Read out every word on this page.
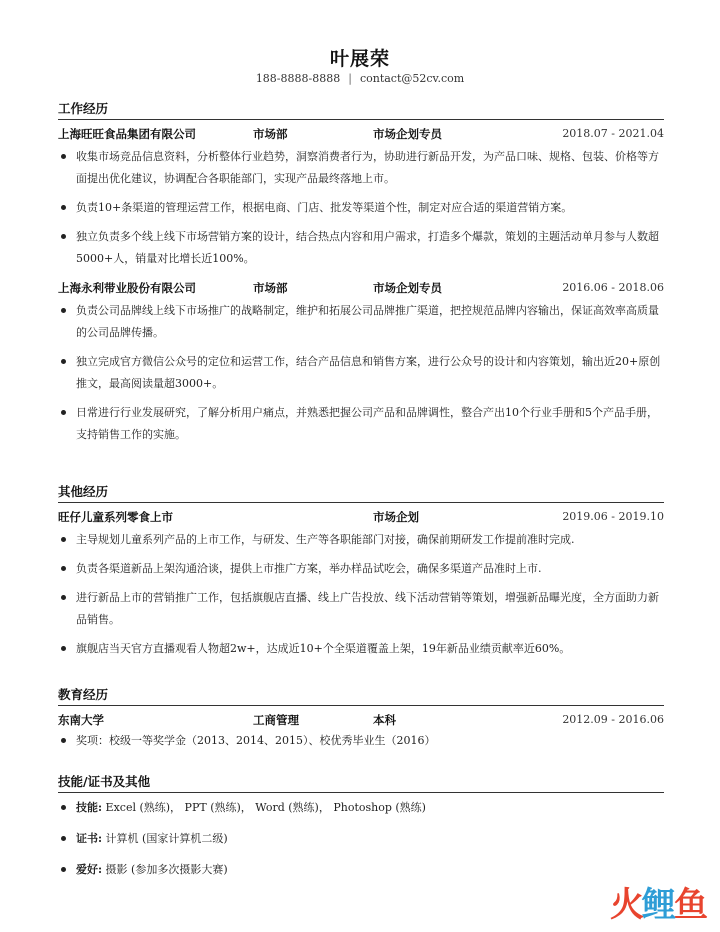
叶展荣
188-8888-8888 | contact@52cv.com
工作经历
上海旺旺食品集团有限公司	市场部	市场企划专员	2018.07 - 2021.04
收集市场竞品信息资料，分析整体行业趋势，洞察消费者行为，协助进行新品开发，为产品口味、规格、包装、价格等方面提出优化建议，协调配合各职能部门，实现产品最终落地上市。
负责10+条渠道的管理运营工作，根据电商、门店、批发等渠道个性，制定对应合适的渠道营销方案。
独立负责多个线上线下市场营销方案的设计，结合热点内容和用户需求，打造多个爆款，策划的主题活动单月参与人数超5000+人，销量对比增长近100%。
上海永利带业股份有限公司	市场部	市场企划专员	2016.06 - 2018.06
负责公司品牌线上线下市场推广的战略制定，维护和拓展公司品牌推广渠道，把控规范品牌内容输出，保证高效率高质量的公司品牌传播。
独立完成官方微信公众号的定位和运营工作，结合产品信息和销售方案，进行公众号的设计和内容策划，输出近20+原创推文，最高阅读量超3000+。
日常进行行业发展研究，了解分析用户痛点，并熟悉把握公司产品和品牌调性，整合产出10个行业手册和5个产品手册，支持销售工作的实施。
其他经历
旺仔儿童系列零食上市	市场企划	2019.06 - 2019.10
主导规划儿童系列产品的上市工作，与研发、生产等各职能部门对接，确保前期研发工作提前准时完成.
负责各渠道新品上架沟通洽谈，提供上市推广方案，举办样品试吃会，确保多渠道产品准时上市.
进行新品上市的营销推广工作，包括旗舰店直播、线上广告投放、线下活动营销等策划，增强新品曝光度，全方面助力新品销售。
旗舰店当天官方直播观看人物超2w+，达成近10+个全渠道覆盖上架，19年新品业绩贡献率近60%。
教育经历
东南大学	工商管理	本科	2012.09 - 2016.06
奖项：校级一等奖学金（2013、2014、2015）、校优秀毕业生（2016）
技能/证书及其他
技能: Excel (熟练)， PPT (熟练)， Word (熟练)， Photoshop (熟练)
证书: 计算机 (国家计算机二级)
爱好: 摄影 (参加多次摄影大赛)
火鲤鱼
